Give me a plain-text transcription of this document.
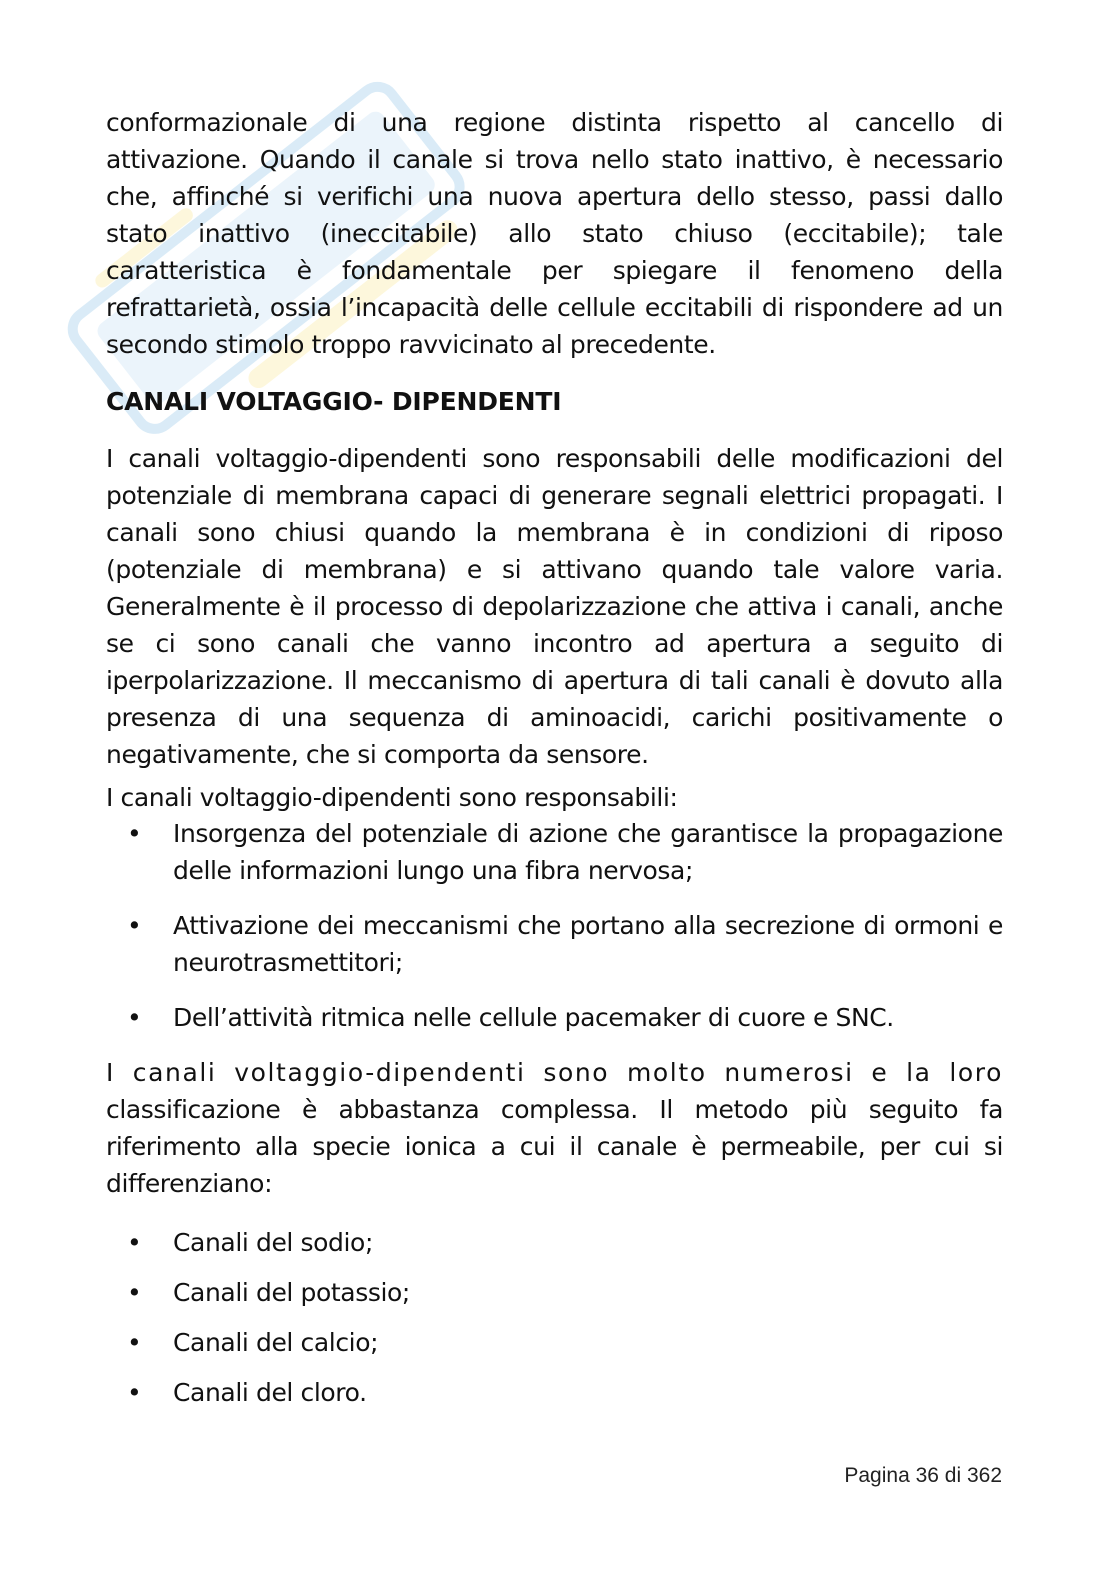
conformazionale di una regione distinta rispetto al cancello di attivazione. Quando il canale si trova nello stato inattivo, è necessario che, affinché si verifichi una nuova apertura dello stesso, passi dallo stato inattivo (ineccitabile) allo stato chiuso (eccitabile); tale caratteristica è fondamentale per spiegare il fenomeno della refrattarietà, ossia l’incapacità delle cellule eccitabili di rispondere ad un secondo stimolo troppo ravvicinato al precedente.

CANALI VOLTAGGIO- DIPENDENTI

I canali voltaggio-dipendenti sono responsabili delle modificazioni del potenziale di membrana capaci di generare segnali elettrici propagati. I canali sono chiusi quando la membrana è in condizioni di riposo (potenziale di membrana) e si attivano quando tale valore varia. Generalmente è il processo di depolarizzazione che attiva i canali, anche se ci sono canali che vanno incontro ad apertura a seguito di iperpolarizzazione. Il meccanismo di apertura di tali canali è dovuto alla presenza di una sequenza di aminoacidi, carichi positivamente o negativamente, che si comporta da sensore.

I canali voltaggio-dipendenti sono responsabili:

• Insorgenza del potenziale di azione che garantisce la propagazione delle informazioni lungo una fibra nervosa;
• Attivazione dei meccanismi che portano alla secrezione di ormoni e neurotrasmettitori;
• Dell’attività ritmica nelle cellule pacemaker di cuore e SNC.

I canali voltaggio-dipendenti sono molto numerosi e la loro classificazione è abbastanza complessa. Il metodo più seguito fa riferimento alla specie ionica a cui il canale è permeabile, per cui si differenziano:

• Canali del sodio;
• Canali del potassio;
• Canali del calcio;
• Canali del cloro.
Pagina 36 di 362
